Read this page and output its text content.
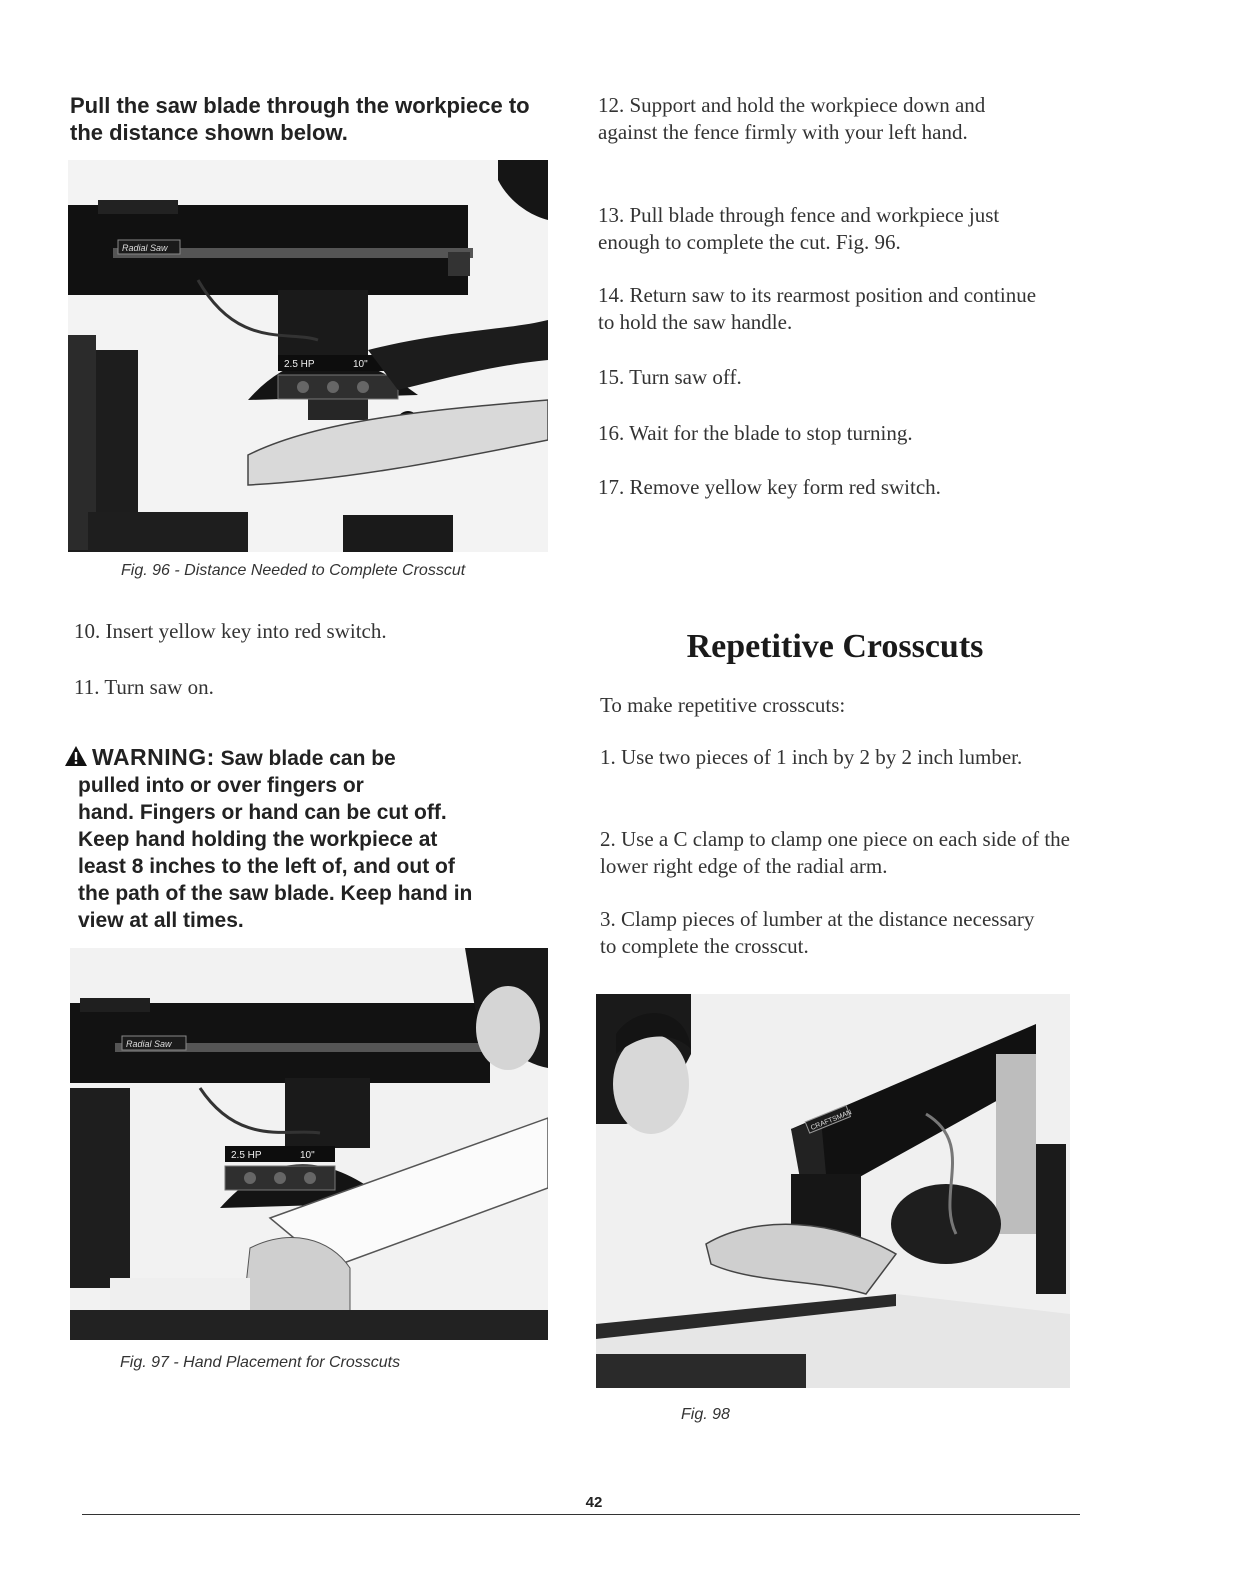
Pull the saw blade through the workpiece to the distance shown below.
Radial Saw
2.5 HP	10"
Fig. 96 - Distance Needed to Complete Crosscut
10. Insert yellow key into red switch.
11. Turn saw on.
WARNING: Saw blade can be
pulled into or over fingers or
hand. Fingers or hand can be cut off.
Keep hand holding the workpiece at
least 8 inches to the left of, and out of
the path of the saw blade. Keep hand in
view at all times.
Radial Saw
2.5 HP	10"
Fig. 97 - Hand Placement for Crosscuts
12. Support and hold the workpiece down and against the fence firmly with your left hand.
13. Pull blade through fence and workpiece just enough to complete the cut. Fig. 96.
14. Return saw to its rearmost position and continue to hold the saw handle.
15. Turn saw off.
16. Wait for the blade to stop turning.
17. Remove yellow key form red switch.
Repetitive Crosscuts
To make repetitive crosscuts:
1. Use two pieces of 1 inch by 2 by 2 inch lumber.
2. Use a C clamp to clamp one piece on each side of the lower right edge of the radial arm.
3. Clamp pieces of lumber at the distance necessary to complete the crosscut.
CRAFTSMAN
Fig. 98
42
